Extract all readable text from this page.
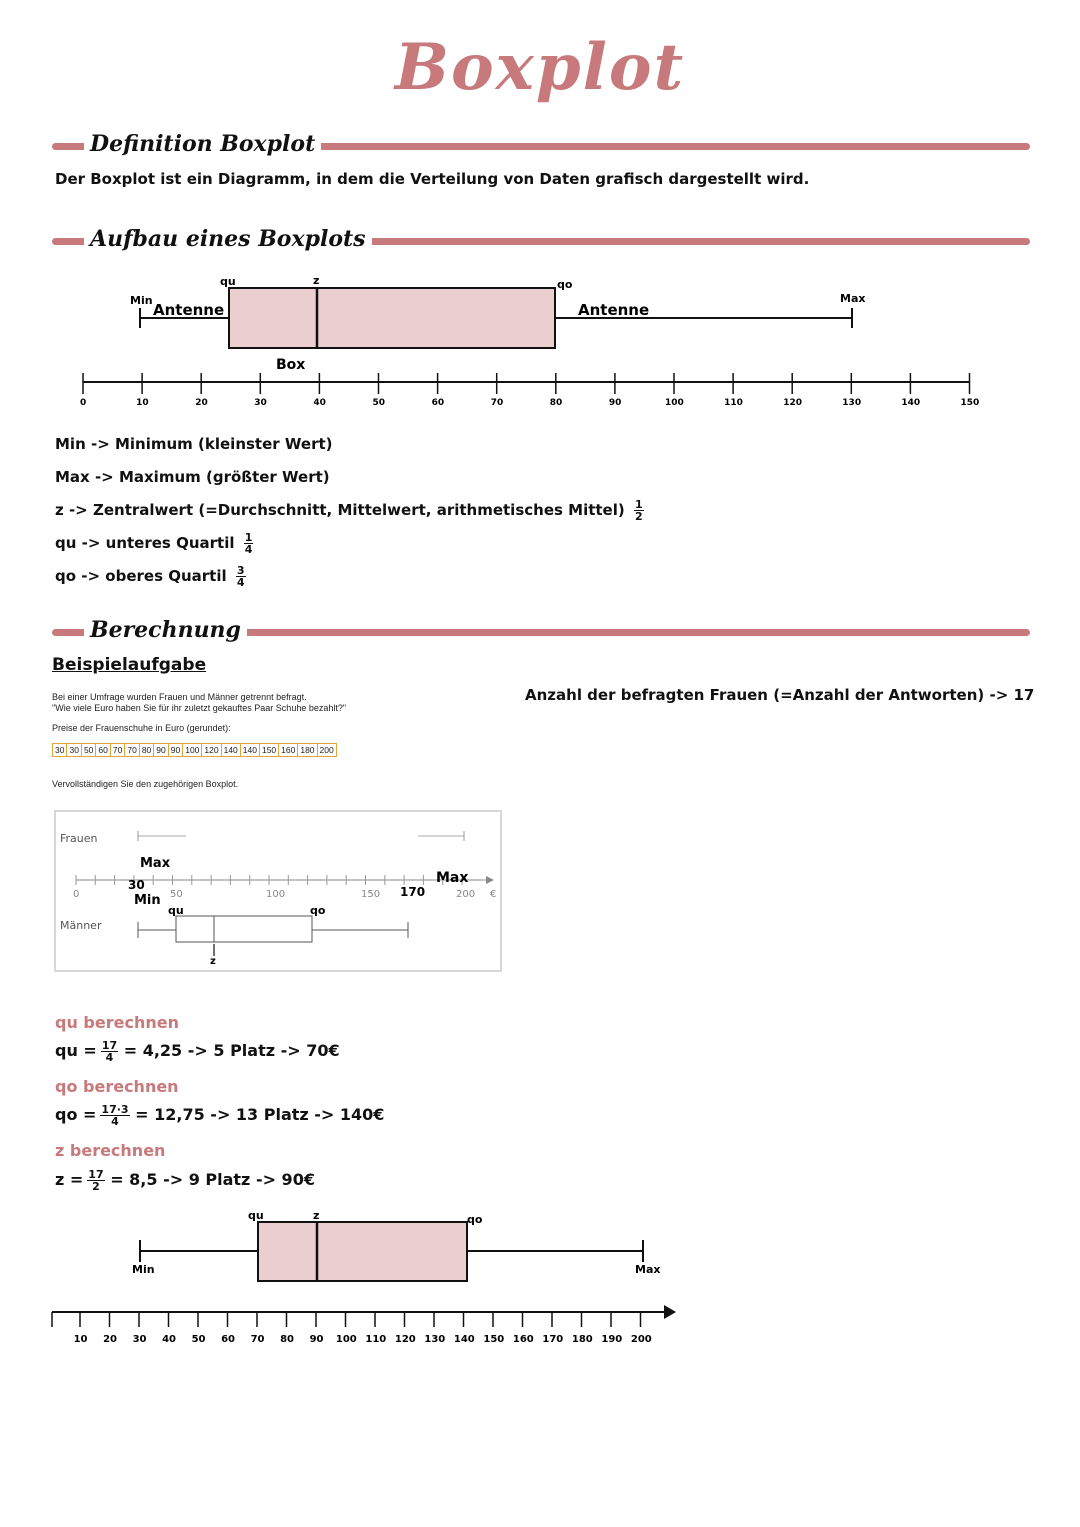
Boxplot
Definition Boxplot
Der Boxplot ist ein Diagramm, in dem die Verteilung von Daten grafisch dargestellt wird.
Aufbau eines Boxplots
Min
Antenne
qu	z	qo
Antenne
Max
Box
0	10	20	30	40	50	60	70	80	90	100	110	120	130	140	150
Min -> Minimum (kleinster Wert)
Max -> Maximum (größter Wert)
z -> Zentralwert (=Durchschnitt, Mittelwert, arithmetisches Mittel) $\frac{1}{2}$
qu -> unteres Quartil $\frac{1}{4}$
qo -> oberes Quartil $\frac{3}{4}$
Berechnung
Beispielaufgabe
Bei einer Umfrage wurden Frauen und Männer getrennt befragt.
"Wie viele Euro haben Sie für ihr zuletzt gekauftes Paar Schuhe bezahlt?"
Preise der Frauenschuhe in Euro (gerundet):
30 30 50 60 70 70 80 90 90 100 120 140 140 150 160 180 200
Vervollständigen Sie den zugehörigen Boxplot.
Anzahl der befragten Frauen (=Anzahl der Antworten) -> 17
Frauen
Männer
0	50	100	150	200 €
Max
30
Min
qu	qo
z
170
Max
qu berechnen
qu = $\frac{17}{4} = 4,25 -> 5$ Platz -> 70€
qo berechnen
qo = $\frac{17\cdot 3}{4} = 12,75 -> 13$ Platz -> 140€
z berechnen
$z = \frac{17}{2} = 8,5 -> 9$ Platz -> 90€
Min	Max
qu	z	qo
10 20 30 40 50 60 70 80 90 100 110 120 130 140 150 160 170 180 190 200
